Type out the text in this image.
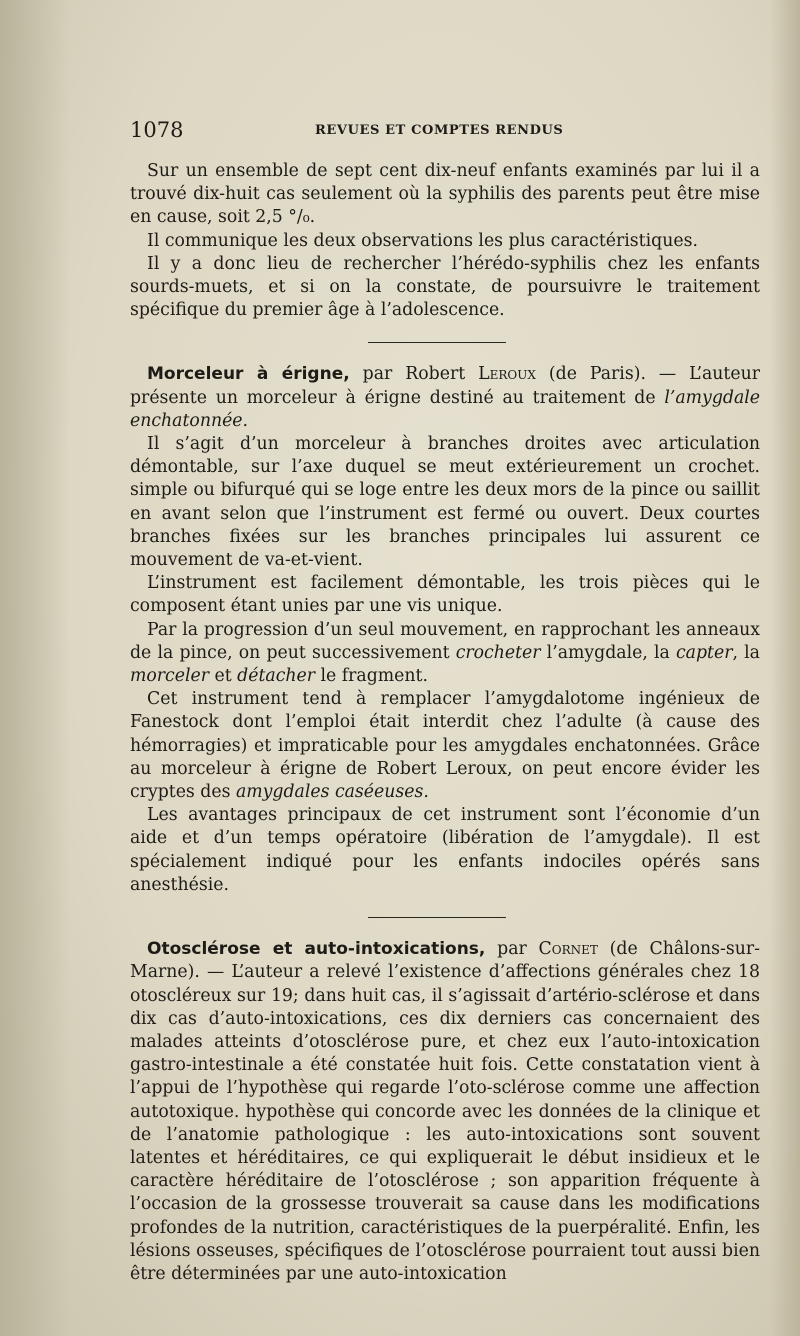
1078	REVUES ET COMPTES RENDUS

Sur un ensemble de sept cent dix-neuf enfants examinés par lui il a trouvé dix-huit cas seulement où la syphilis des parents peut être mise en cause, soit 2,5 °/₀.

Il communique les deux observations les plus caractéristiques.

Il y a donc lieu de rechercher l’hérédo-syphilis chez les enfants sourds-muets, et si on la constate, de poursuivre le traitement spécifique du premier âge à l’adolescence.

Morceleur à érigne, par Robert Leroux (de Paris). — L’auteur présente un morceleur à érigne destiné au traitement de l’amygdale enchatonnée.

Il s’agit d’un morceleur à branches droites avec articulation démontable, sur l’axe duquel se meut extérieurement un crochet. simple ou bifurqué qui se loge entre les deux mors de la pince ou saillit en avant selon que l’instrument est fermé ou ouvert. Deux courtes branches fixées sur les branches principales lui assurent ce mouvement de va-et-vient.

L’instrument est facilement démontable, les trois pièces qui le composent étant unies par une vis unique.

Par la progression d’un seul mouvement, en rapprochant les anneaux de la pince, on peut successivement crocheter l’amygdale, la capter, la morceler et détacher le fragment.

Cet instrument tend à remplacer l’amygdalotome ingénieux de Fanestock dont l’emploi était interdit chez l’adulte (à cause des hémorragies) et impraticable pour les amygdales enchatonnées. Grâce au morceleur à érigne de Robert Leroux, on peut encore évider les cryptes des amygdales caséeuses.

Les avantages principaux de cet instrument sont l’économie d’un aide et d’un temps opératoire (libération de l’amygdale). Il est spécialement indiqué pour les enfants indociles opérés sans anesthésie.

Otosclérose et auto-intoxications, par Cornet (de Châlons-sur-Marne). — L’auteur a relevé l’existence d’affections générales chez 18 otoscléreux sur 19; dans huit cas, il s’agissait d’artério-sclérose et dans dix cas d’auto-intoxications, ces dix derniers cas concernaient des malades atteints d’otosclérose pure, et chez eux l’auto-intoxication gastro-intestinale a été constatée huit fois. Cette constatation vient à l’appui de l’hypothèse qui regarde l’oto-sclérose comme une affection autotoxique. hypothèse qui concorde avec les données de la clinique et de l’anatomie pathologique : les auto-intoxications sont souvent latentes et héréditaires, ce qui expliquerait le début insidieux et le caractère héréditaire de l’otosclérose ; son apparition fréquente à l’occasion de la grossesse trouverait sa cause dans les modifications profondes de la nutrition, caractéristiques de la puerpéralité. Enfin, les lésions osseuses, spécifiques de l’otosclérose pourraient tout aussi bien être déterminées par une auto-intoxication
